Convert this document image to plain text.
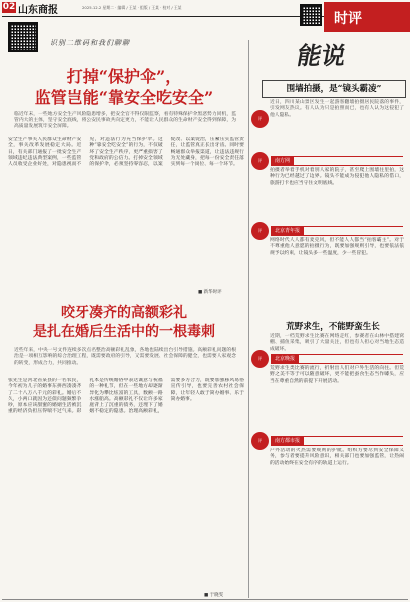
02 山东商报	2025.12.2 星期二 · 编辑 / 王某 · 组版 / 王某 · 校对 / 王某
识别二维码和我们聊聊
时评
打掉“保护伞”，
监管岂能“靠安全吃安全”
临近年末，一些地方安全生产风险隐患增多，把安全官不得仅限监察，看有特殊保护伞黑恶势力同机，监管内大的主体，坚守安全底线，将公安民事故共向定更力，不能让人民群众的生命财产安全得到保障，为高质量发展筑牢安全屏障。
安全生产事关人民群众生命财产安全，事关改革发展稳定大局。近日，有关部门通报了一批安全生产领域违纪违法典型案例，一些监管人员收受企业好处，对隐患视而不见，对违法行为充当保护伞。这种“靠安全吃安全”的行为，不仅破坏了安全生产秩序，更严重损害了党和政府的公信力。打掉安全领域的保护伞，必须坚持零容忍，以案促改、以案促治，压紧压实监管责任，让监管真正长出牙齿。同时要畅通群众举报渠道，让违法违规行为无处藏身，把每一份安全责任落实到每一个岗位、每一个环节。
■ 新华时评
咬牙凑齐的高额彩礼
是扎在婚后生活中的一根毒刺
近些年来，中央一号文件连续多次点名整治高额彩礼乱象，各地也陆续出台引导措施。高额彩礼问题的根治是一项相互影响的综合治理工程，既需要政府的引导，又需要发展、社会保障的健全，也需要人家观念的转变，形成合力，共同推动。
张先生是河北省某县的一名农民，今年初为儿子的婚事东拼西凑凑齐了二十八万八千元的彩礼。婚后不久，小两口就因为还债问题频繁争吵，原本应该甜蜜的婚姻生活被沉重的经济负担压得喘不过气来。彩礼本是传统婚俗中表达诚意与祝福的一种礼节，但在一些地方却逐渐异化为攀比炫富的工具，数额一路水涨船高。高额彩礼不仅让许多家庭背上了沉重的债务，还埋下了婚姻不稳定的隐患。治理高额彩礼，需要多方合力，既要加强移风易俗宣传引导，也要完善农村社会保障，让年轻人敢于简办婚事、乐于简办婚事。
■ 于晓雯
能说
围墙拍摄，是“镜头霸凌”
近日，四川某山景区发生一起游客翻墙拍摄居民院落的事件，引发网友热议。有人认为只是拍照而已，也有人认为这侵犯了他人隐私。
评
南方网
拍摄者举着手机对着别人家的院子，甚至爬上围墙往里拍，这种行为已经越过了边界。镜头不能成为侵犯他人隐私的借口，旅游打卡也应当守住文明底线。
评
北京青年报
网络时代人人都有麦克风，但不能人人都当“拍客霸主”。对于不尊重他人意愿的拍摄行为，既要加强规则引导，也要依法依规予以约束，让镜头多一些温度，少一些冒犯。
评
荒野求生，不能野蛮生长
近期，一档荒野求生比赛在网络走红，参赛者在山林中搭建窝棚、捕鱼采集，吸引了大量关注，但也有人担心对当地生态造成破坏。
北京晚报
荒野求生类比赛的流行，折射出人们对户外生活的向往。但荒野之美不等于可以随意破坏，更不能把蚕食生态当作噱头，应当在尊重自然的前提下开展活动。
评
南方都市报
户外活动的火热需要规则的护航。组织方要尽到安全保障义务，参与者要提升风险意识，相关部门也要加强监管，让热闹的活动始终在安全有序的轨道上运行。
评
